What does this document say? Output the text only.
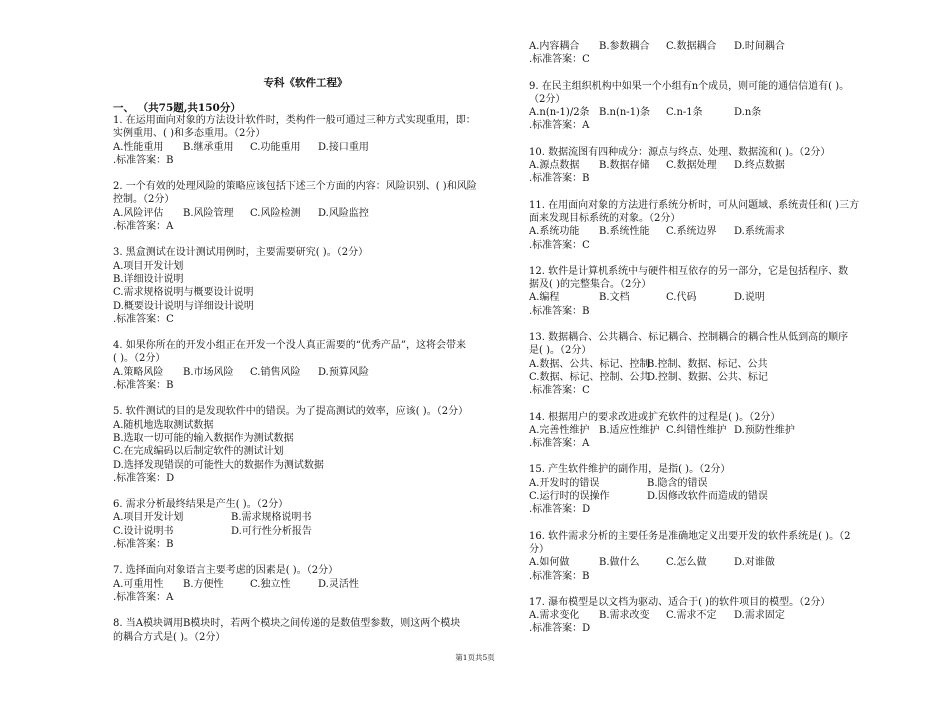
专科《软件工程》
一、 （共75题,共150分）
A.内容耦合	B.参数耦合	C.数据耦合	D.时间耦合
.标准答案：C
9. 在民主组织机构中如果一个小组有n个成员，则可能的通信信道有( )。
（2分）
A.n(n-1)/2条 B.n(n-1)条	C.n-1条	D.n条
.标准答案：A
10. 数据流图有四种成分：源点与终点、处理、数据流和( )。（2分）
A.源点数据	B.数据存储	C.数据处理	D.终点数据
.标准答案：B
11. 在用面向对象的方法进行系统分析时，可从问题域、系统责任和( )三方
面来发现目标系统的对象。（2分）
A.系统功能	B.系统性能	C.系统边界	D.系统需求
.标准答案：C
12. 软件是计算机系统中与硬件相互依存的另一部分，它是包括程序、数
据及( )的完整集合。（2分）
A.编程	B.文档	C.代码	D.说明
.标准答案：B
13. 数据耦合、公共耦合、标记耦合、控制耦合的耦合性从低到高的顺序
是( )。（2分）
A.数据、公共、标记、控制
B.控制、数据、标记、公共
C.数据、标记、控制、公共
D.控制、数据、公共、标记
.标准答案：C
14. 根据用户的要求改进或扩充软件的过程是( )。（2分）
A.完善性维护 B.适应性维护 C.纠错性维护 D.预防性维护
.标准答案：A
15. 产生软件维护的副作用，是指( )。（2分）
A.开发时的错误	B.隐含的错误
C.运行时的误操作	D.因修改软件而造成的错误
.标准答案：D
16. 软件需求分析的主要任务是准确地定义出要开发的软件系统是( )。（2
分）
A.如何做	B.做什么	C.怎么做	D.对谁做
.标准答案：B
17. 瀑布模型是以文档为驱动、适合于( )的软件项目的模型。（2分）
A.需求变化	B.需求改变	C.需求不定	D.需求固定
.标准答案：D
1. 在运用面向对象的方法设计软件时，类构件一般可通过三种方式实现重用，即：
实例重用、( )和多态重用。（2分）
A.性能重用	B.继承重用	C.功能重用	D.接口重用
.标准答案：B
2. 一个有效的处理风险的策略应该包括下述三个方面的内容：风险识别、( )和风险
控制。（2分）
A.风险评估	B.风险管理	C.风险检测	D.风险监控
.标准答案：A
3. 黑盒测试在设计测试用例时，主要需要研究( )。（2分）
A.项目开发计划
B.详细设计说明
C.需求规格说明与概要设计说明
D.概要设计说明与详细设计说明
.标准答案：C
4. 如果你所在的开发小组正在开发一个没人真正需要的“优秀产品”，这将会带来
( )。（2分）
A.策略风险	B.市场风险	C.销售风险	D.预算风险
.标准答案：B
5. 软件测试的目的是发现软件中的错误。为了提高测试的效率，应该( )。（2分）
A.随机地选取测试数据
B.选取一切可能的输入数据作为测试数据
C.在完成编码以后制定软件的测试计划
D.选择发现错误的可能性大的数据作为测试数据
.标准答案：D
6. 需求分析最终结果是产生( )。（2分）
A.项目开发计划	B.需求规格说明书
C.设计说明书	D.可行性分析报告
.标准答案：B
7. 选择面向对象语言主要考虑的因素是( )。（2分）
A.可重用性	B.方便性	C.独立性	D.灵活性
.标准答案：A
8. 当A模块调用B模块时，若两个模块之间传递的是数值型参数，则这两个模块
的耦合方式是( )。（2分）
第1页共5页
